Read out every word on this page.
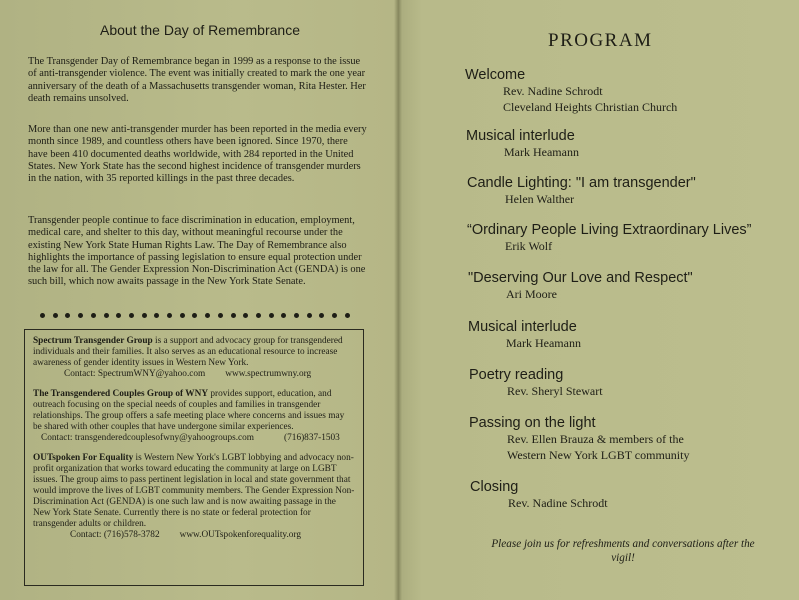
About the Day of Remembrance

The Transgender Day of Remembrance began in 1999 as a response to the issue of anti-transgender violence. The event was initially created to mark the one year anniversary of the death of a Massachusetts transgender woman, Rita Hester. Her death remains unsolved.

More than one new anti-transgender murder has been reported in the media every month since 1989, and countless others have been ignored. Since 1970, there have been 410 documented deaths worldwide, with 284 reported in the United States. New York State has the second highest incidence of transgender murders in the nation, with 35 reported killings in the past three decades.

Transgender people continue to face discrimination in education, employment, medical care, and shelter to this day, without meaningful recourse under the existing New York State Human Rights Law. The Day of Remembrance also highlights the importance of passing legislation to ensure equal protection under the law for all. The Gender Expression Non-Discrimination Act (GENDA) is one such bill, which now awaits passage in the New York State Senate.

Spectrum Transgender Group is a support and advocacy group for transgendered individuals and their families. It also serves as an educational resource to increase awareness of gender identity issues in Western New York.

Contact: SpectrumWNY@yahoo.com www.spectrumwny.org

The Transgendered Couples Group of WNY provides support, education, and outreach focusing on the special needs of couples and families in transgender relationships. The group offers a safe meeting place where concerns and issues may be shared with other couples that have undergone similar experiences.

Contact: transgenderedcouplesofwny@yahoogroups.com	(716)837-1503

OUTspoken For Equality is Western New York's LGBT lobbying and advocacy non-profit organization that works toward educating the community at large on LGBT issues. The group aims to pass pertinent legislation in local and state government that would improve the lives of LGBT community members. The Gender Expression Non-Discrimination Act (GENDA) is one such law and is now awaiting passage in the New York State Senate. Currently there is no state or federal protection for transgender adults or children.

Contact: (716)578-3782 www.OUTspokenforequality.org

PROGRAM
Welcome
Rev. Nadine Schrodt
Cleveland Heights Christian Church
Musical interlude
Mark Heamann
Candle Lighting: "I am transgender"
Helen Walther
“Ordinary People Living Extraordinary Lives”
Erik Wolf
"Deserving Our Love and Respect"
Ari Moore
Musical interlude
Mark Heamann
Poetry reading
Rev. Sheryl Stewart
Passing on the light
Rev. Ellen Brauza & members of the
Western New York LGBT community
Closing
Rev. Nadine Schrodt
Please join us for refreshments and conversations after the vigil!
